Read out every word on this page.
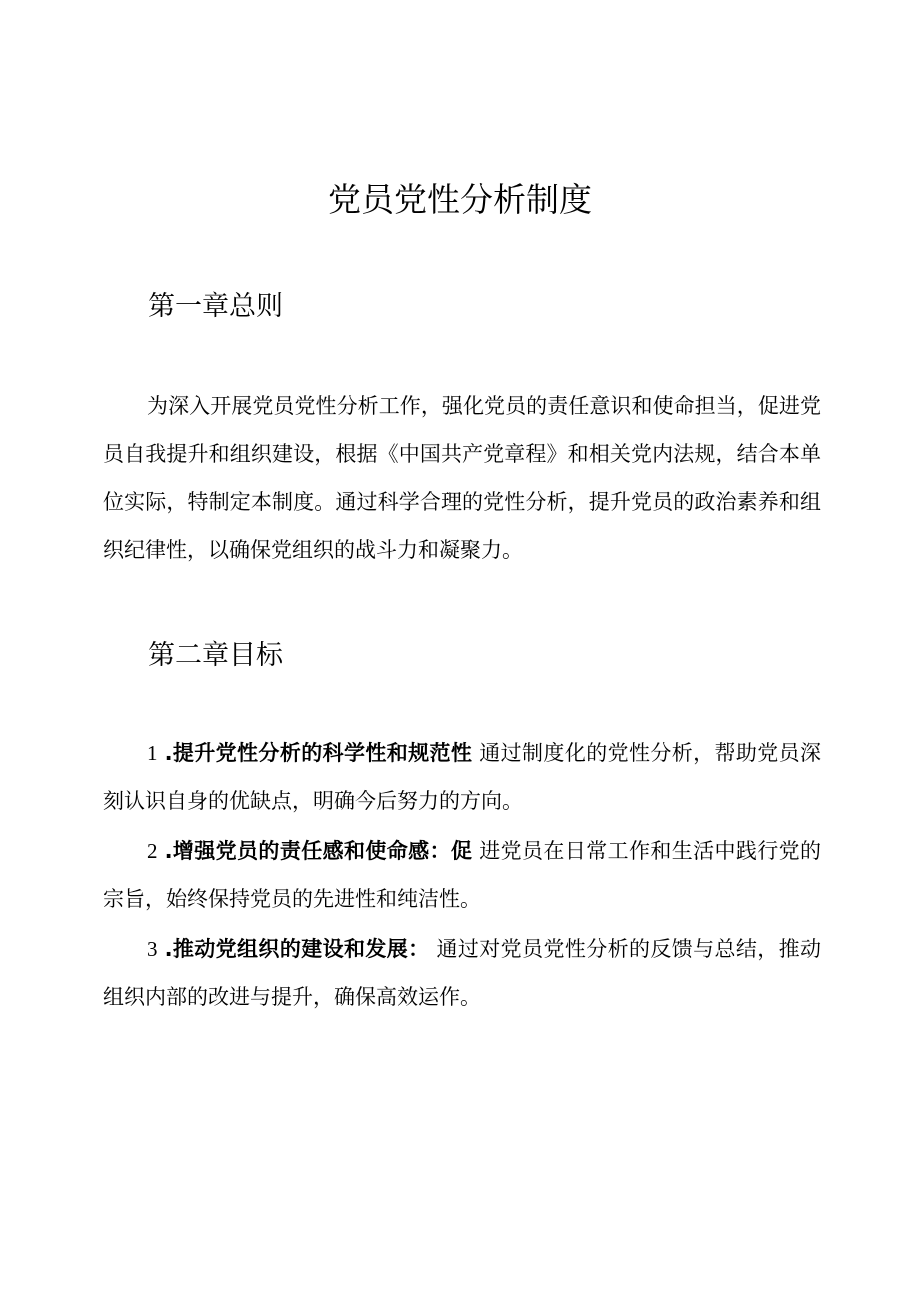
党员党性分析制度
第一章总则

为深入开展党员党性分析工作，强化党员的责任意识和使命担当，促进党员自我提升和组织建设，根据《中国共产党章程》和相关党内法规，结合本单位实际，特制定本制度。通过科学合理的党性分析，提升党员的政治素养和组织纪律性，以确保党组织的战斗力和凝聚力。

第二章目标
1 .提升党性分析的科学性和规范性 通过制度化的党性分析，帮助党员深刻认识自身的优缺点，明确今后努力的方向。
2 .增强党员的责任感和使命感：促 进党员在日常工作和生活中践行党的宗旨，始终保持党员的先进性和纯洁性。
3 .推动党组织的建设和发展： 通过对党员党性分析的反馈与总结，推动组织内部的改进与提升，确保高效运作。
